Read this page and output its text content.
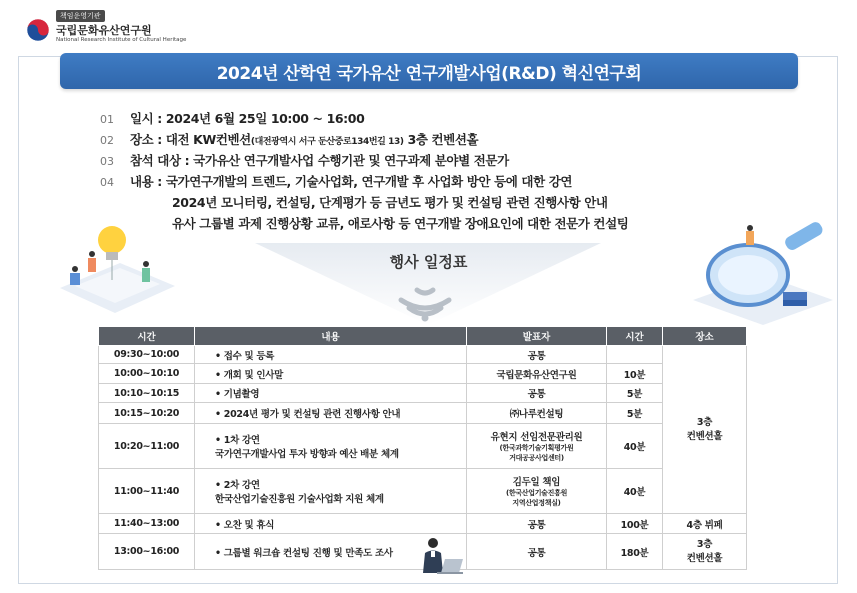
책임운영기관
국립문화유산연구원
National Research Institute of Cultural Heritage
2024년 산학연 국가유산 연구개발사업(R&D) 혁신연구회
01	일시 : 2024년 6월 25일 10:00 ~ 16:00
02	장소 : 대전 KW컨벤션(대전광역시 서구 둔산중로134번길 13) 3층 컨벤션홀
03	참석 대상 : 국가유산 연구개발사업 수행기관 및 연구과제 분야별 전문가
04	내용 : 국가연구개발의 트렌드, 기술사업화, 연구개발 후 사업화 방안 등에 대한 강연
2024년 모니터링, 컨설팅, 단계평가 등 금년도 평가 및 컨설팅 관련 진행사항 안내
유사 그룹별 과제 진행상황 교류, 애로사항 등 연구개발 장애요인에 대한 전문가 컨설팅
행사 일정표
시간	내용	발표자	시간	장소
09:30~10:00	• 접수 및 등록	공통		3층
컨벤션홀
10:00~10:10	• 개회 및 인사말	국립문화유산연구원	10분	
10:10~10:15	• 기념촬영	공통	5분	
10:15~10:20	• 2024년 평가 및 컨설팅 관련 진행사항 안내	㈜나루컨설팅	5분	
10:20~11:00	• 1차 강연
국가연구개발사업 투자 방향과 예산 배분 체계	유현지 선임전문관리원
(한국과학기술기획평가원
거대공공사업센터)	40분	
11:00~11:40	• 2차 강연
한국산업기술진흥원 기술사업화 지원 체계	김두일 책임
(한국산업기술진흥원
지역산업정책실)	40분	
11:40~13:00	• 오찬 및 휴식	공통	100분	4층 뷔페
13:00~16:00	• 그룹별 워크숍 컨설팅 진행 및 만족도 조사	공통	180분	3층
컨벤션홀
